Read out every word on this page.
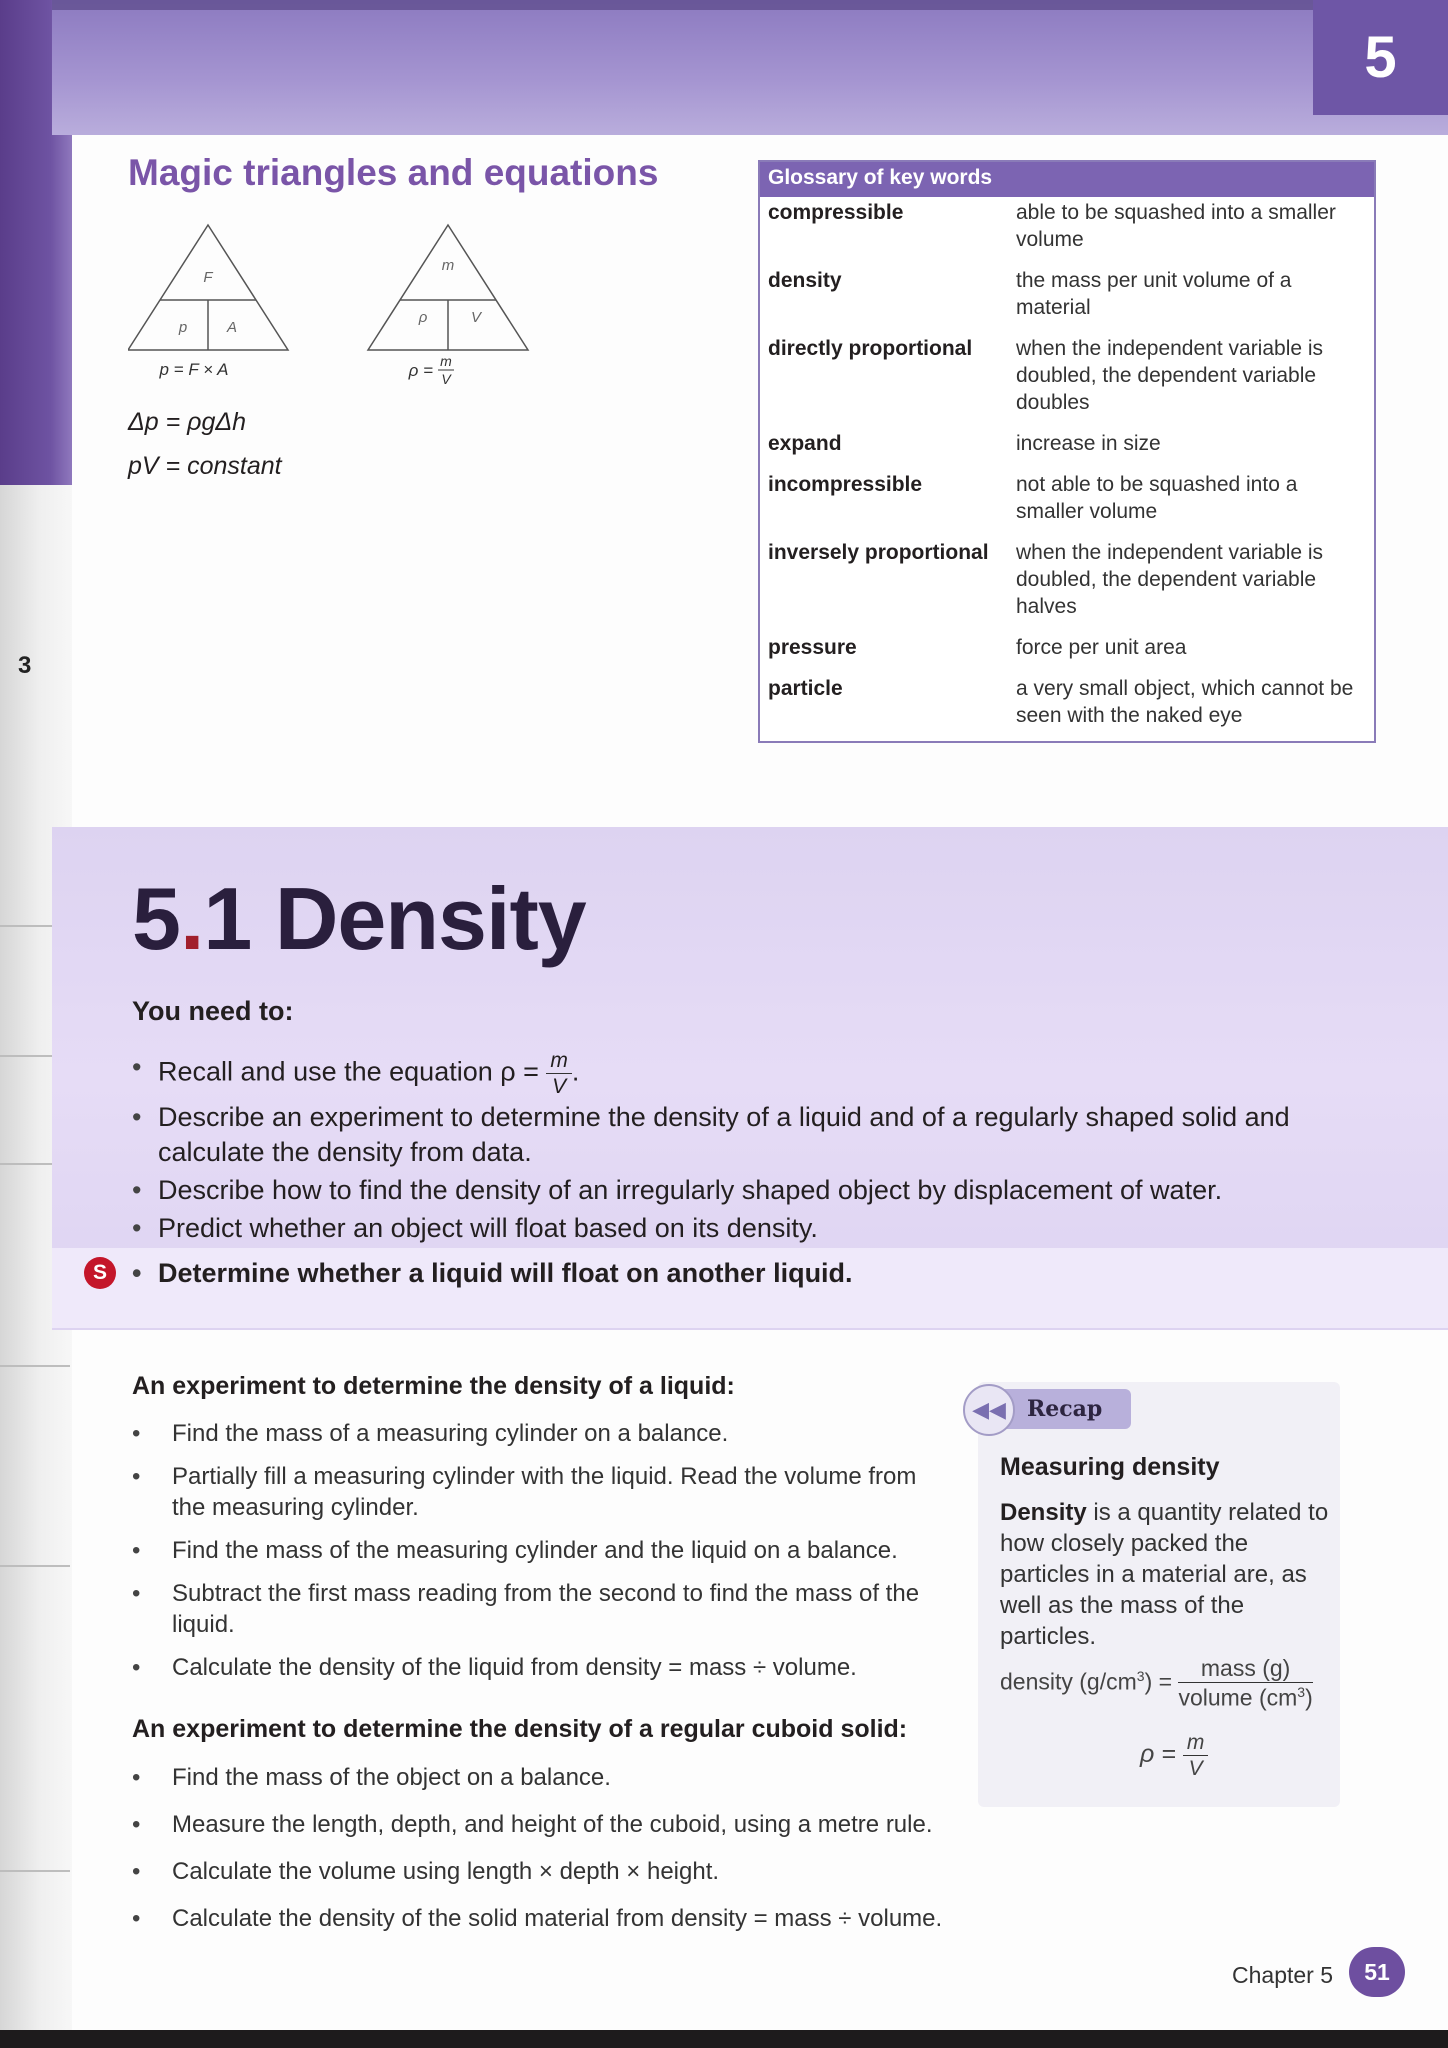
5
3
Magic triangles and equations
F
p	A
p = F × A
m
ρ	V
ρ = m
V
Δp = ρgΔh
pV = constant
Glossary of key words
compressible	able to be squashed into a smaller volume
density	the mass per unit volume of a material
directly proportional	when the independent variable is doubled, the dependent variable doubles
expand	increase in size
incompressible	not able to be squashed into a smaller volume
inversely proportional	when the independent variable is doubled, the dependent variable halves
pressure	force per unit area
particle	a very small object, which cannot be seen with the naked eye
5.1 Density
You need to:
• Recall and use the equation $\rho = \frac{m}{V}$ .
• Describe an experiment to determine the density of a liquid and of a regularly shaped solid and calculate the density from data.
• Describe how to find the density of an irregularly shaped object by displacement of water.
• Predict whether an object will float based on its density.
• Determine whether a liquid will float on another liquid.
S
An experiment to determine the density of a liquid:
• Find the mass of a measuring cylinder on a balance.
• Partially fill a measuring cylinder with the liquid. Read the volume from the measuring cylinder.
• Find the mass of the measuring cylinder and the liquid on a balance.
• Subtract the first mass reading from the second to find the mass of the liquid.
• Calculate the density of the liquid from density = mass ÷ volume.
An experiment to determine the density of a regular cuboid solid:
• Find the mass of the object on a balance.
• Measure the length, depth, and height of the cuboid, using a metre rule.
• Calculate the volume using length × depth × height.
• Calculate the density of the solid material from density = mass ÷ volume.
Recap
◀◀
Measuring density
Density is a quantity related to how closely packed the particles in a material are, as well as the mass of the particles.
density $(g/cm^3) = \frac{\text{mass (g)}}{volume (cm^3)}$
$\rho = \frac{m}{V}$
Chapter 5	51
